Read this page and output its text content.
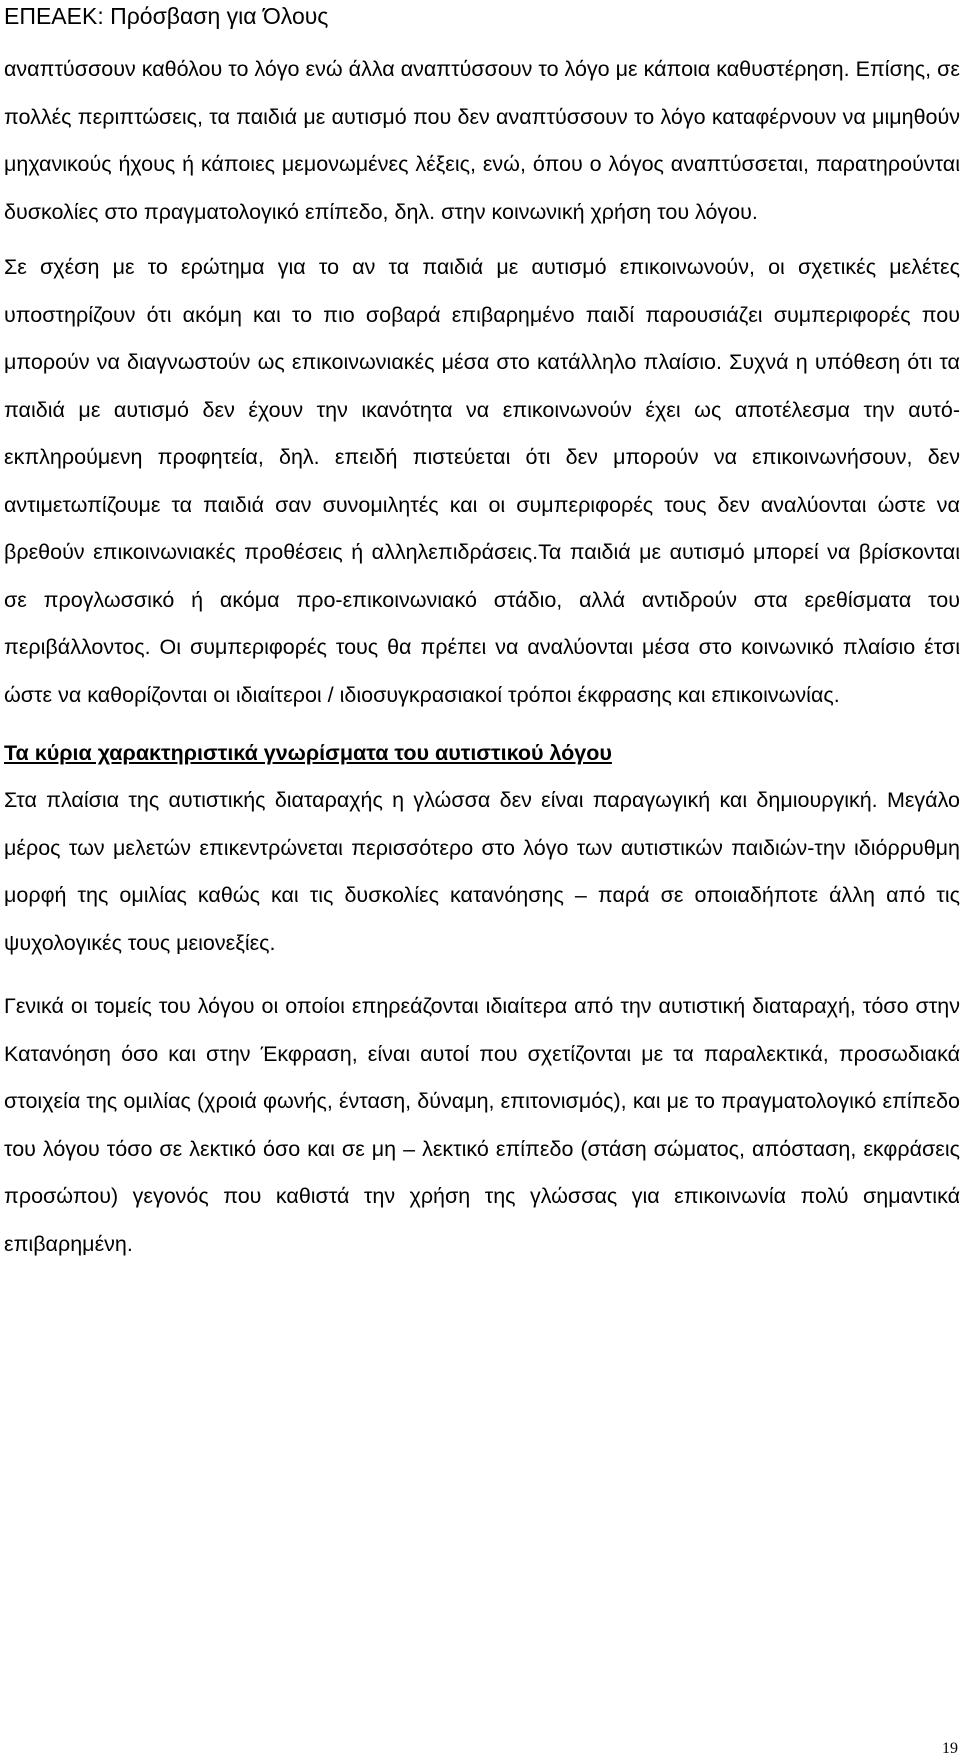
ΕΠΕΑΕΚ: Πρόσβαση για Όλους

αναπτύσσουν καθόλου το λόγο ενώ άλλα αναπτύσσουν το λόγο με κάποια καθυστέρηση. Επίσης, σε πολλές περιπτώσεις, τα παιδιά με αυτισμό που δεν αναπτύσσουν το λόγο καταφέρνουν να μιμηθούν μηχανικούς ήχους ή κάποιες μεμονωμένες λέξεις, ενώ, όπου ο λόγος αναπτύσσεται, παρατηρούνται δυσκολίες στο πραγματολογικό επίπεδο, δηλ. στην κοινωνική χρήση του λόγου.

Σε σχέση με το ερώτημα για το αν τα παιδιά με αυτισμό επικοινωνούν, οι σχετικές μελέτες υποστηρίζουν ότι ακόμη και το πιο σοβαρά επιβαρημένο παιδί παρουσιάζει συμπεριφορές που μπορούν να διαγνωστούν ως επικοινωνιακές μέσα στο κατάλληλο πλαίσιο. Συχνά η υπόθεση ότι τα παιδιά με αυτισμό δεν έχουν την ικανότητα να επικοινωνούν έχει ως αποτέλεσμα την αυτό-εκπληρούμενη προφητεία, δηλ. επειδή πιστεύεται ότι δεν μπορούν να επικοινωνήσουν, δεν αντιμετωπίζουμε τα παιδιά σαν συνομιλητές και οι συμπεριφορές τους δεν αναλύονται ώστε να βρεθούν επικοινωνιακές προθέσεις ή αλληλεπιδράσεις.Τα παιδιά με αυτισμό μπορεί να βρίσκονται σε προγλωσσικό ή ακόμα προ-επικοινωνιακό στάδιο, αλλά αντιδρούν στα ερεθίσματα του περιβάλλοντος. Οι συμπεριφορές τους θα πρέπει να αναλύονται μέσα στο κοινωνικό πλαίσιο έτσι ώστε να καθορίζονται οι ιδιαίτεροι / ιδιοσυγκρασιακοί τρόποι έκφρασης και επικοινωνίας.

Τα κύρια χαρακτηριστικά γνωρίσματα του αυτιστικού λόγου

Στα πλαίσια της αυτιστικής διαταραχής η γλώσσα δεν είναι παραγωγική και δημιουργική. Μεγάλο μέρος των μελετών επικεντρώνεται περισσότερο στο λόγο των αυτιστικών παιδιών-την ιδιόρρυθμη μορφή της ομιλίας καθώς και τις δυσκολίες κατανόησης – παρά σε οποιαδήποτε άλλη από τις ψυχολογικές τους μειονεξίες.

Γενικά οι τομείς του λόγου οι οποίοι επηρεάζονται ιδιαίτερα από την αυτιστική διαταραχή, τόσο στην Κατανόηση όσο και στην Έκφραση, είναι αυτοί που σχετίζονται με τα παραλεκτικά, προσωδιακά στοιχεία της ομιλίας (χροιά φωνής, ένταση, δύναμη, επιτονισμός), και με το πραγματολογικό επίπεδο του λόγου τόσο σε λεκτικό όσο και σε μη – λεκτικό επίπεδο (στάση σώματος, απόσταση, εκφράσεις προσώπου) γεγονός που καθιστά την χρήση της γλώσσας για επικοινωνία πολύ σημαντικά επιβαρημένη.

19
